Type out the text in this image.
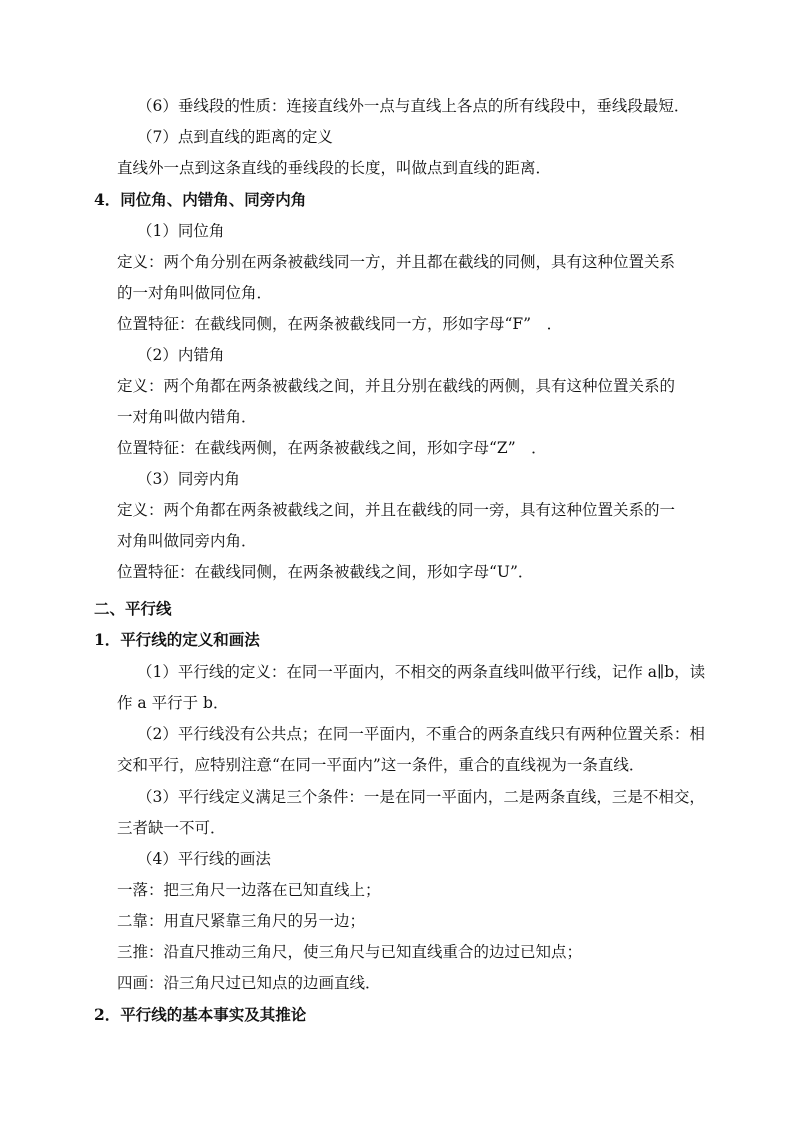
（6）垂线段的性质：连接直线外一点与直线上各点的所有线段中，垂线段最短．
（7）点到直线的距离的定义
直线外一点到这条直线的垂线段的长度，叫做点到直线的距离．
4．同位角、内错角、同旁内角
（1）同位角
定义：两个角分别在两条被截线同一方，并且都在截线的同侧，具有这种位置关系
的一对角叫做同位角．
位置特征：在截线同侧，在两条被截线同一方，形如字母“F”　．
（2）内错角
定义：两个角都在两条被截线之间，并且分别在截线的两侧，具有这种位置关系的
一对角叫做内错角．
位置特征：在截线两侧，在两条被截线之间，形如字母“Z”　．
（3）同旁内角
定义：两个角都在两条被截线之间，并且在截线的同一旁，具有这种位置关系的一
对角叫做同旁内角．
位置特征：在截线同侧，在两条被截线之间，形如字母“U”．
二、平行线
1．平行线的定义和画法
（1）平行线的定义：在同一平面内，不相交的两条直线叫做平行线，记作 a∥b，读
作 a 平行于 b．
（2）平行线没有公共点；在同一平面内，不重合的两条直线只有两种位置关系：相
交和平行，应特别注意“在同一平面内”这一条件，重合的直线视为一条直线．
（3）平行线定义满足三个条件：一是在同一平面内，二是两条直线，三是不相交，
三者缺一不可．
（4）平行线的画法
一落：把三角尺一边落在已知直线上；
二靠：用直尺紧靠三角尺的另一边；
三推：沿直尺推动三角尺，使三角尺与已知直线重合的边过已知点；
四画：沿三角尺过已知点的边画直线．
2．平行线的基本事实及其推论
